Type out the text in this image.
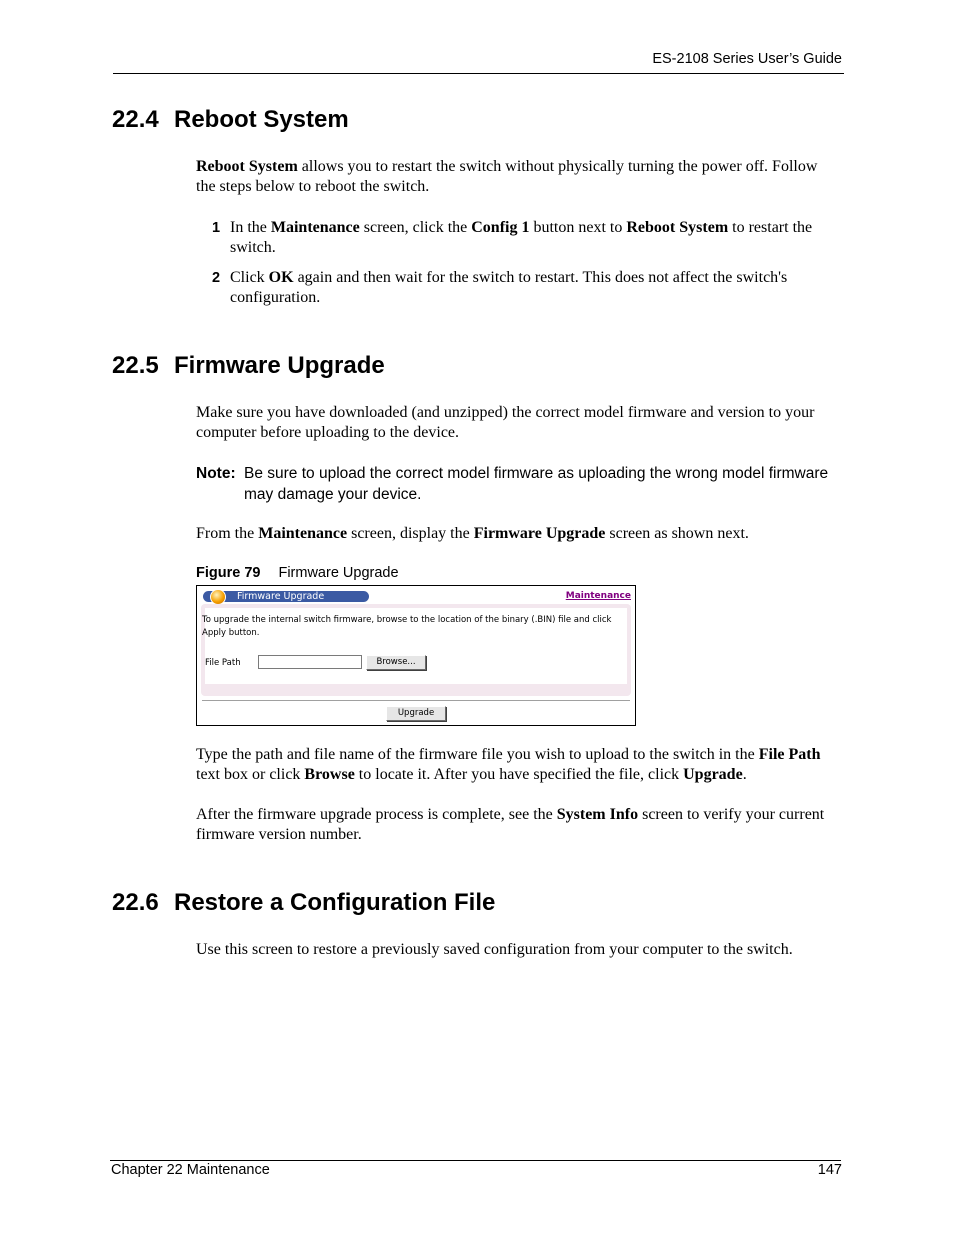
ES-2108 Series User’s Guide
22.4 Reboot System

Reboot System allows you to restart the switch without physically turning the power off. Follow the steps below to reboot the switch.

1 In the Maintenance screen, click the Config 1 button next to Reboot System to restart the switch.
2 Click OK again and then wait for the switch to restart. This does not affect the switch's configuration.
22.5 Firmware Upgrade

Make sure you have downloaded (and unzipped) the correct model firmware and version to your computer before uploading to the device.

Note: Be sure to upload the correct model firmware as uploading the wrong model firmware may damage your device.

From the Maintenance screen, display the Firmware Upgrade screen as shown next.

Figure 79 Firmware Upgrade
Firmware Upgrade	Maintenance
To upgrade the internal switch firmware, browse to the location of the binary (.BIN) file and click Apply button.
File Path	Browse...
Upgrade

Type the path and file name of the firmware file you wish to upload to the switch in the File Path text box or click Browse to locate it. After you have specified the file, click Upgrade.

After the firmware upgrade process is complete, see the System Info screen to verify your current firmware version number.

22.6 Restore a Configuration File

Use this screen to restore a previously saved configuration from your computer to the switch.

Chapter 22 Maintenance	147
